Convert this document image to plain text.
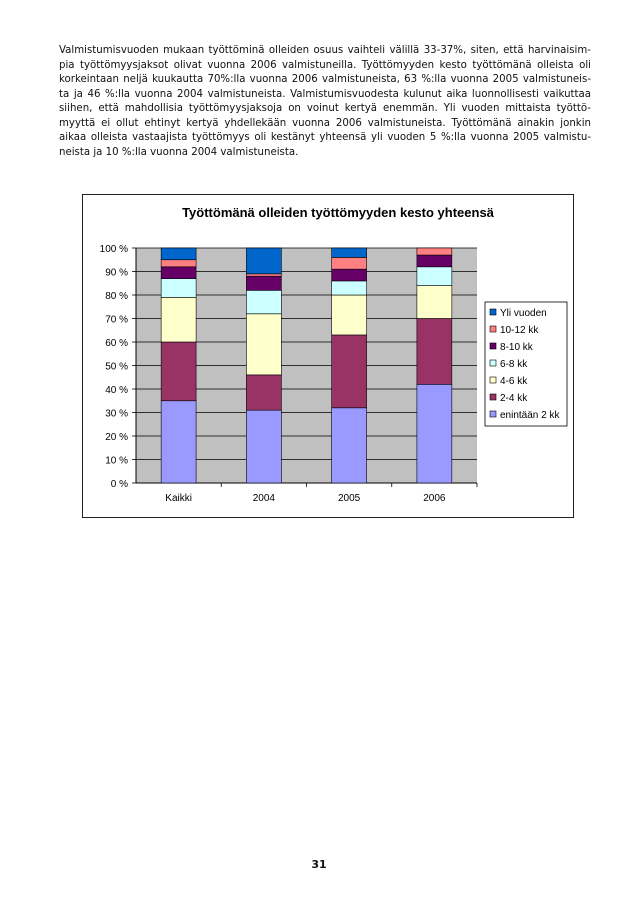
Valmistumisvuoden mukaan työttöminä olleiden osuus vaihteli välillä 33-37%, siten, että harvinaisim-
pia työttömyysjaksot olivat vuonna 2006 valmistuneilla. Työttömyyden kesto työttömänä olleista oli
korkeintaan neljä kuukautta 70%:lla vuonna 2006 valmistuneista, 63 %:lla vuonna 2005 valmistuneis-
ta ja 46 %:lla vuonna 2004 valmistuneista. Valmistumisvuodesta kulunut aika luonnollisesti vaikuttaa
siihen, että mahdollisia työttömyysjaksoja on voinut kertyä enemmän. Yli vuoden mittaista työttö-
myyttä ei ollut ehtinyt kertyä yhdellekään vuonna 2006 valmistuneista. Työttömänä ainakin jonkin
aikaa olleista vastaajista työttömyys oli kestänyt yhteensä yli vuoden 5 %:lla vuonna 2005 valmistu-
neista ja 10 %:lla vuonna 2004 valmistuneista.
Työttömänä olleiden työttömyyden kesto yhteensä
0 %
10 %
20 %
30 %
40 %
50 %
60 %
70 %
80 %
90 %
100 %
Kaikki	2004	2005	2006
Yli vuoden
10-12 kk
8-10 kk
6-8 kk
4-6 kk
2-4 kk
enintään 2 kk
31
